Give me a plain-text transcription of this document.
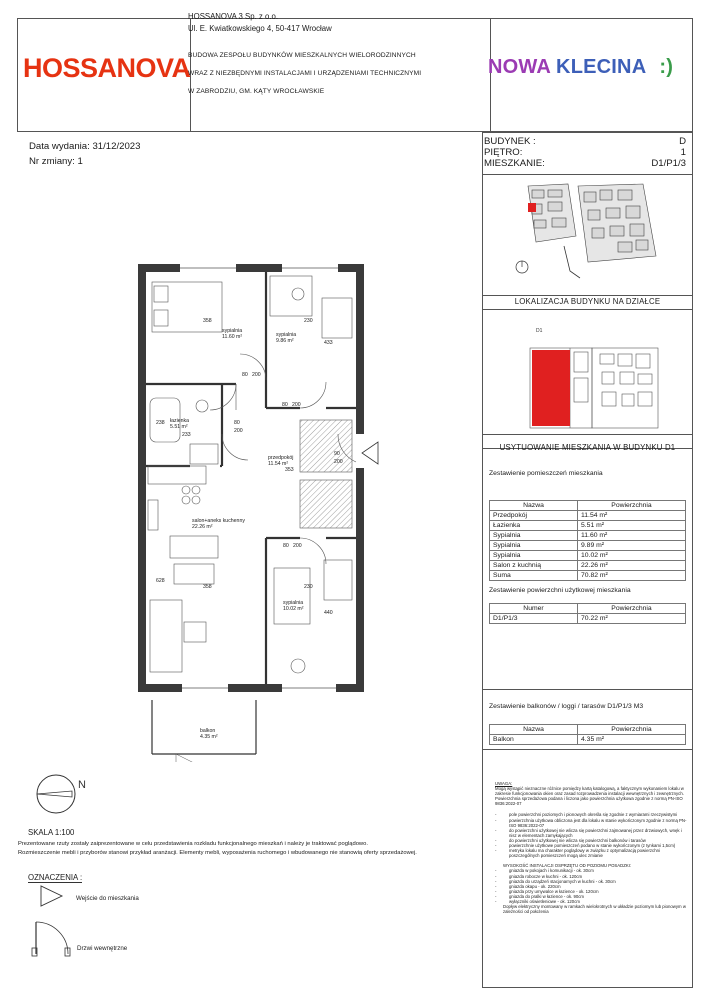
HOSSANOVA
HOSSANOVA 3 Sp. z o.o.
Ul. E. Kwiatkowskiego 4, 50-417 Wrocław
BUDOWA ZESPOŁU BUDYNKÓW MIESZKALNYCH WIELORODZINNYCH
WRAZ Z NIEZBĘDNYMI INSTALACJAMI I URZĄDZENIAMI TECHNICZNYMI
W ZABRODZIU, GM. KĄTY WROCŁAWSKIE
NOWA KLECINA :)
Data wydania: 31/12/2023
Nr zmiany: 1
BUDYNEK :	D
PIĘTRO:	1
MIESZKANIE:	D1/P1/3
LOKALIZACJA BUDYNKU NA DZIAŁCE
D1
USYTUOWANIE MIESZKANIA W BUDYNKU D1
Zestawienie pomieszczeń mieszkania
Nazwa	Powierzchnia
Przedpokój	11.54 m²
Łazienka	5.51 m²
Sypialnia	11.60 m²
Sypialnia	9.89 m²
Sypialnia	10.02 m²
Salon z kuchnią	22.26 m²
Suma	70.82 m²
Zestawienie powierzchni użytkowej mieszkania
Numer	Powierzchnia
D1/P1/3	70.22 m²
Zestawienie balkonów / loggi / tarasów D1/P1/3 M3
Nazwa	Powierzchnia
Balkon	4.35 m²
UWAGA:
Mogą wystąpić nieznaczne różnice pomiędzy kartą katalogową, a faktycznym wykonaniem lokalu w zakresie funkcjonowania okien oraz zasad rozprowadzenia instalacji wewnętrznych i zewnętrznych. Powierzchnia sprzedażowa podana i liczona jako powierzchnia użytkowa zgodnie z normą PN-ISO 9836:2022-07
- pole powierzchni poziomych i pionowych określa się zgodnie z wymiarami rzeczywistymi
- powierzchnia użytkowa obliczona jest dla lokalu w stanie wykończonym zgodnie z normą PN-ISO 9836:2022-07
- do powierzchni użytkowej nie wlicza się powierzchni zajmowanej przez drzwiowych, wnęk i nisz w elementach zamykających
- do powierzchni użytkowej nie wlicza się powierzchni balkonów i tarasów
- powierzchnie użytkowe pomieszczeń podano w stanie wykończonym (z tynkami 1,5cm)
- metryka lokalu ma charakter poglądowy w związku z optymalizacją powierzchni poszczególnych pomieszczeń mogą ulec zmianie
WYSOKOŚĆ INSTALACJI OSPRZĘTU OD POZIOMU POSADZKI:
- gniazda w pokojach i komunikacji - ok. 30cm
- gniazda robocze w kuchni - ok. 120cm
- gniazda do urządzeń stacjonarnych w kuchni - ok. 30cm
- gniazda okapu - ok. 220cm
- gniazda przy umywalce w łazience - ok. 120cm
- gniazda do pralki w łazience - ok. 90cm
- wyłączniki oświetleniowe - ok. 120cm
Dopływ elektryczny montowany w ramkach wielokrotnych w układzie poziomym lub pionowym w zależności od położenia
sypialnia
11.60 m²	sypialnia
9.86 m²
łazienka
5.51 m²
przedpokój
11.54 m²
salon+aneks kuchenny
22.26 m²
sypialnia
10.02 m²
balkon
4.35 m²
358	230
433
80 200
80 200
238
233
80
200
353
90
200
628
358	230
440
80 200
N
SKALA 1:100
Prezentowane rzuty zostały zaiprezentowane w celu przedstawienia rozkładu funkcjonalnego mieszkań i należy je traktować poglądowo.
Rozmieszczenie mebli i przyborów stanowi przykład aranżacji. Elementy mebli, wyposażenia ruchomego i wbudowanego nie stanowią oferty sprzedażowej.
OZNACZENIA :
Wejście do mieszkania
Drzwi wewnętrzne
